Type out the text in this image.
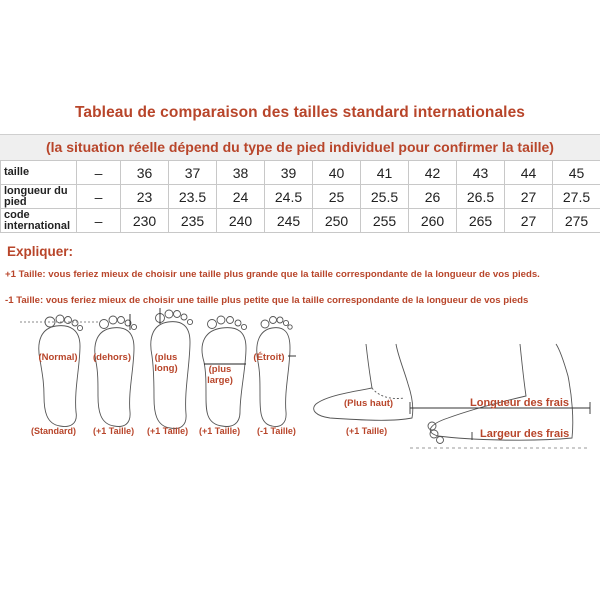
Tableau de comparaison des tailles standard internationales
(la situation réelle dépend du type de pied individuel pour confirmer la taille)
taille	–	36	37	38	39	40	41	42	43	44	45
longueur du pied	–	23	23.5	24	24.5	25	25.5	26	26.5	27	27.5
code international	–	230	235	240	245	250	255	260	265	27	275
Expliquer:
+1 Taille: vous feriez mieux de choisir une taille plus grande que la taille correspondante de la longueur de vos pieds.
-1 Taille: vous feriez mieux de choisir une taille plus petite que la taille correspondante de la longueur de vos pieds
(Normal)	(dehors)	(plus long)	(plus large)
(Étroit)
(Standard) (+1 Taille) (+1 Taille) (+1 Taille) (-1 Taille)
(Plus haut)
(+1 Taille)
Longueur des frais
Largeur des frais
